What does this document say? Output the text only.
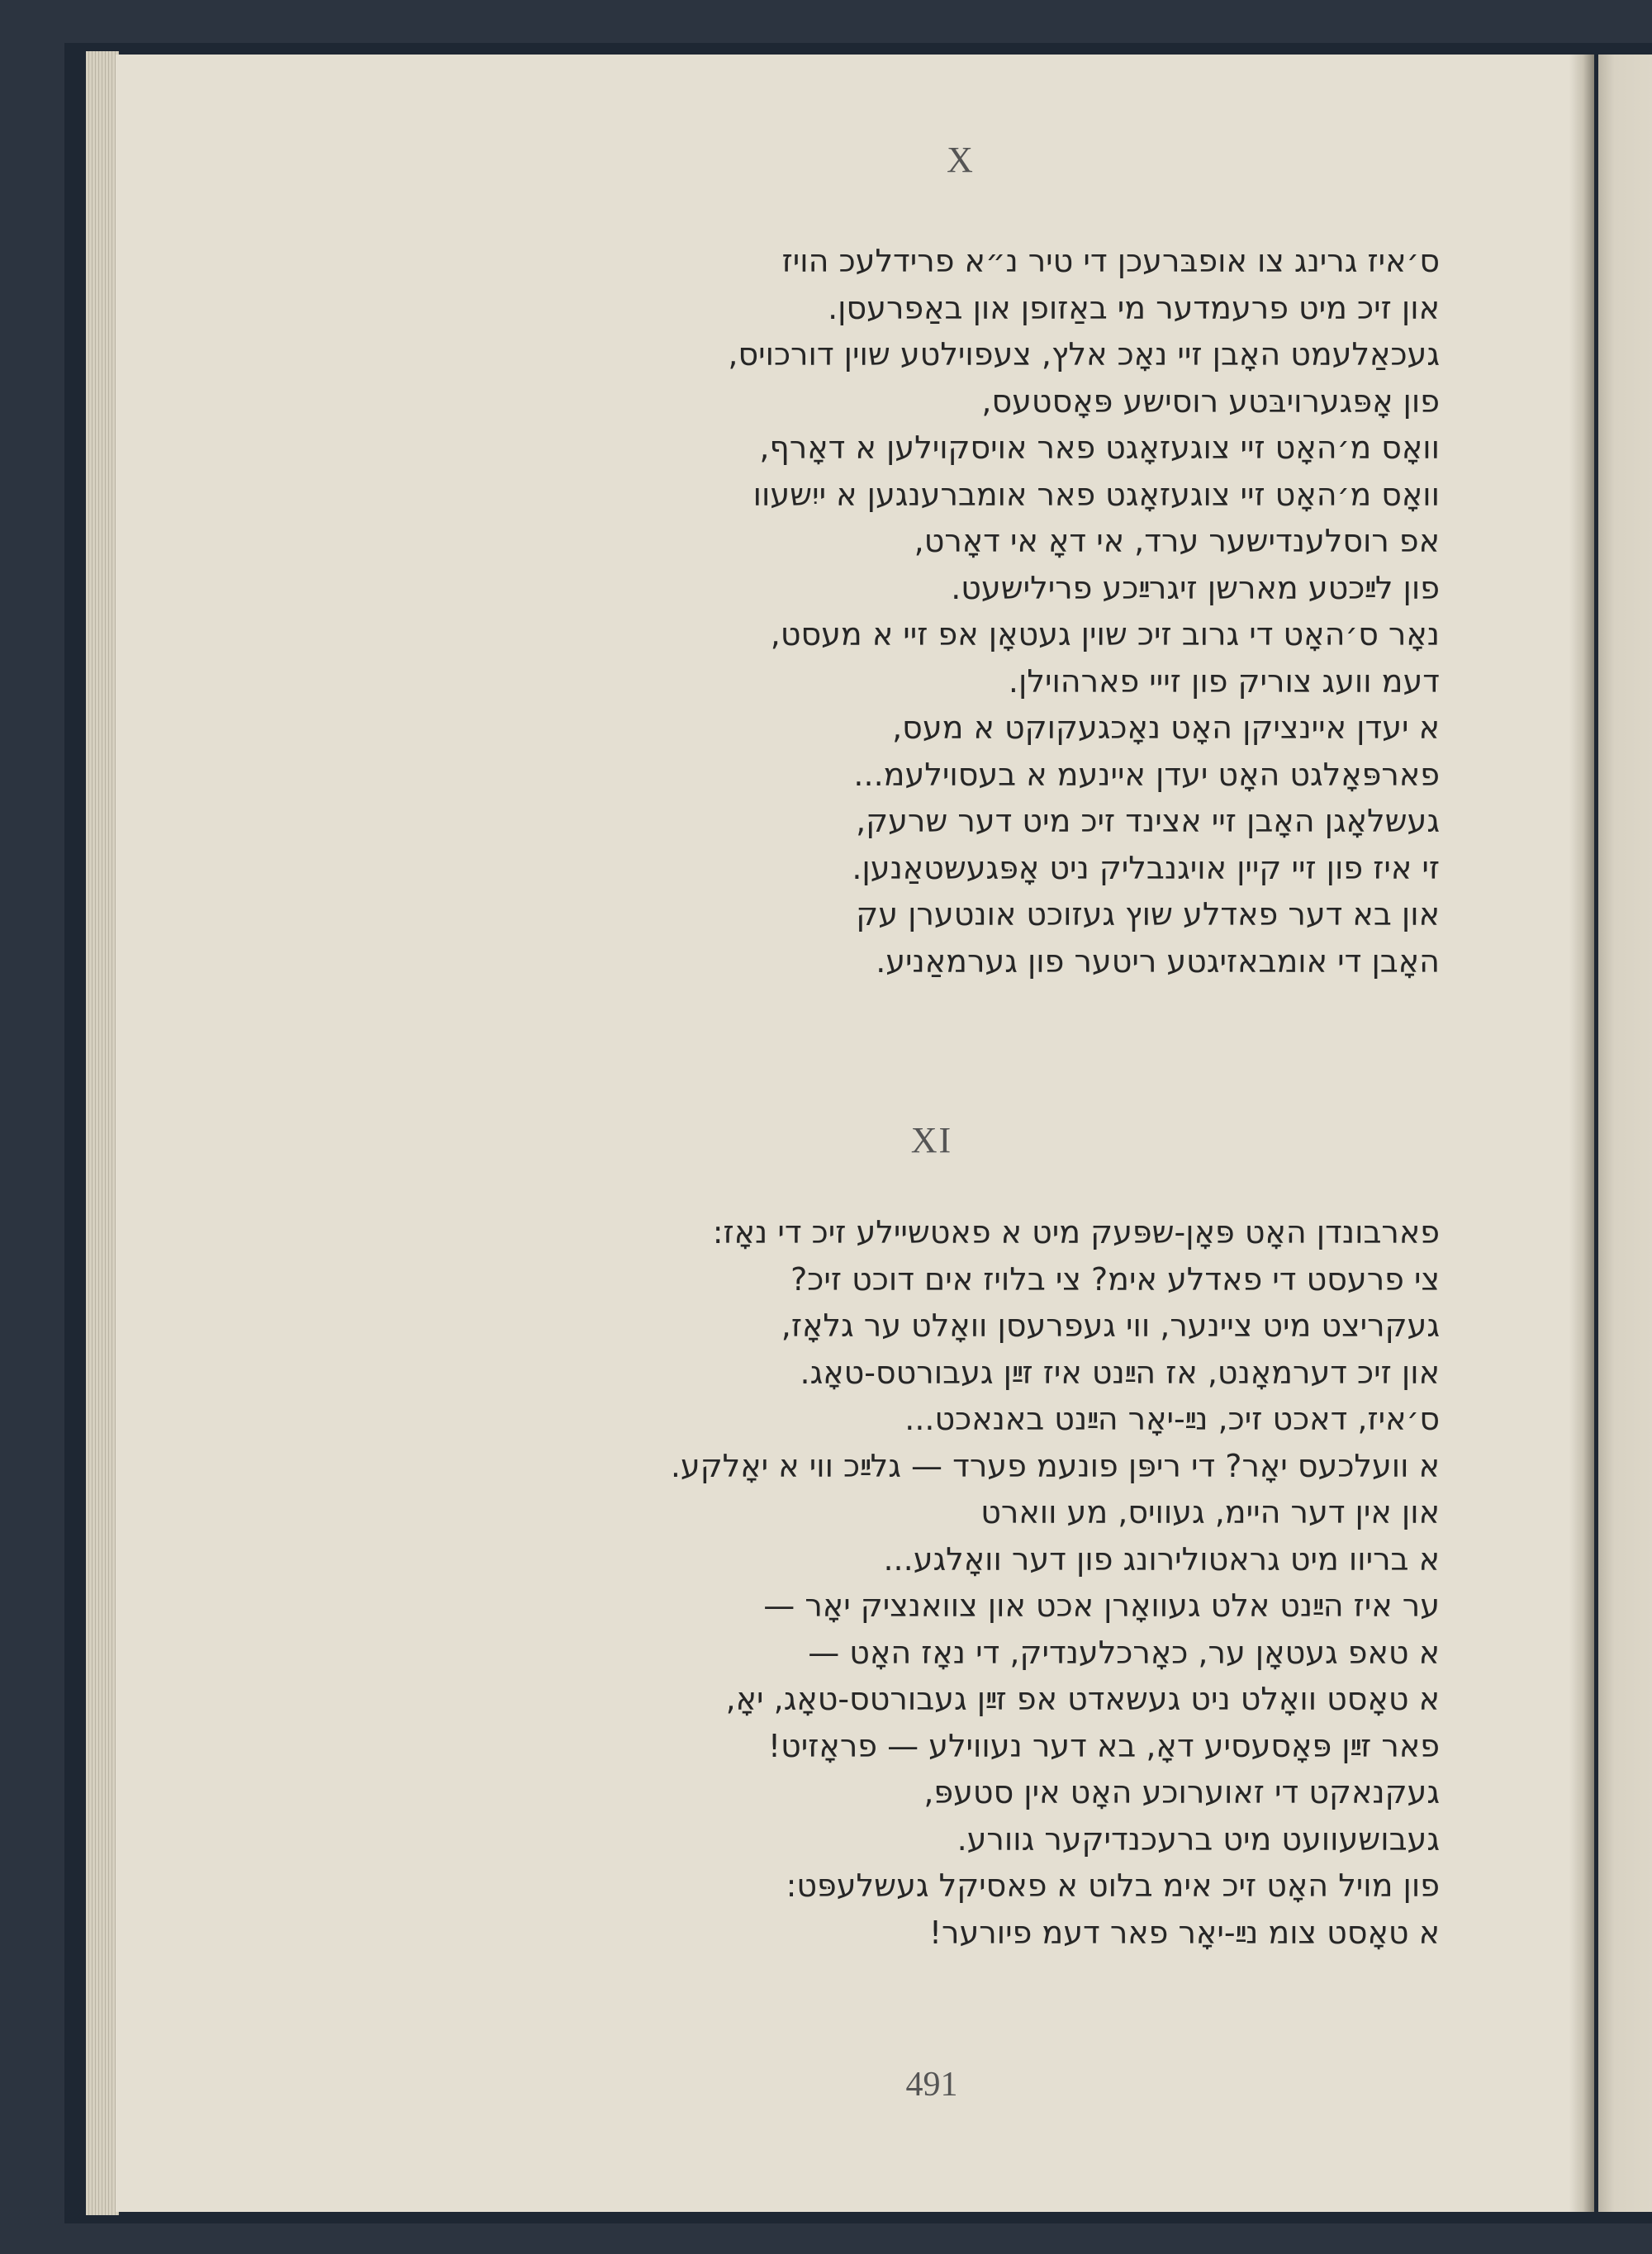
X
ס׳איז גרינג צו אופבּרעכן די טיר נ״א פרידלעכ הויז
און זיכ מיט פרעמדער מי באַזופן און באַפרעסן.
געכאַלעמט האָבן זיי נאָכ אלץ, צעפוילטע שוין דורכויס,
פון אָפּגערויבּטע רוסישע פּאָסטעס,
וואָס מ׳האָט זיי צוגעזאָגט פאר אויסקוילען א דאָרף,
וואָס מ׳האָט זיי צוגעזאָגט פאר אומברענגען א ייִשעוו
אפ רוסלענדישער ערד, אי דאָ אי דאָרט,
פון לײַכטע מארשן זיגרײַכע פרילישעט.
נאָר ס׳האָט די גרוב זיכ שוין געטאָן אפ זיי א מעסט,
דעמ וועג צוריק פון זייי פארהוילן.
א יעדן איינציקן האָט נאָכגעקוקט א מעס,
פארפּאָלגט האָט יעדן איינעמ א בעסוילעמ...
געשלאָגן האָבן זיי אצינד זיכ מיט דער שרעק,
זי איז פון זיי קיין אויגנבליק ניט אָפּגעשטאַנען.
און בא דער פאדלע שוץ געזוכט אונטערן עק
האָבן די אומבאזיגטע ריטער פון גערמאַניע.
XI
פארבונדן האָט פּאָן-שפּעק מיט א פאטשיילע זיכ די נאָז:
צי פרעסט די פאדלע אימ? צי בלויז אים דוכט זיכ?
געקריצט מיט ציינער, ווי געפרעסן וואָלט ער גלאָז,
און זיכ דערמאָנט, אז הײַנט איז זײַן געבורטס-טאָג.
ס׳איז, דאכט זיכ, נײַ-יאָר הײַנט באנאכט...
א וועלכעס יאָר? די ריפּן פונעמ פערד — גלײַכ ווי א יאָלקע.
און אין דער היימ, געוויס, מע ווארט
א בריוו מיט גראטולירונג פון דער וואָלגע...
ער איז הײַנט אלט געוואָרן אכט און צוואנציק יאָר —
א טאפ געטאָן ער, כאָרכלענדיק, די נאָז האָט —
א טאָסט וואָלט ניט געשאדט אפ זײַן געבורטס-טאָג, יאָ,
פאר זײַן פּאָסעסיע דאָ, בא דער נעווילע — פראָזיט!
געקנאקט די זאוערוכע האָט אין סטעפּ,
געבושעוועט מיט ברעכנדיקער גוורע.
פון מויל האָט זיכ אימ בלוט א פאסיקל געשלעפּט:
א טאָסט צומ נײַ-יאָר פאר דעמ פיורער!
491
